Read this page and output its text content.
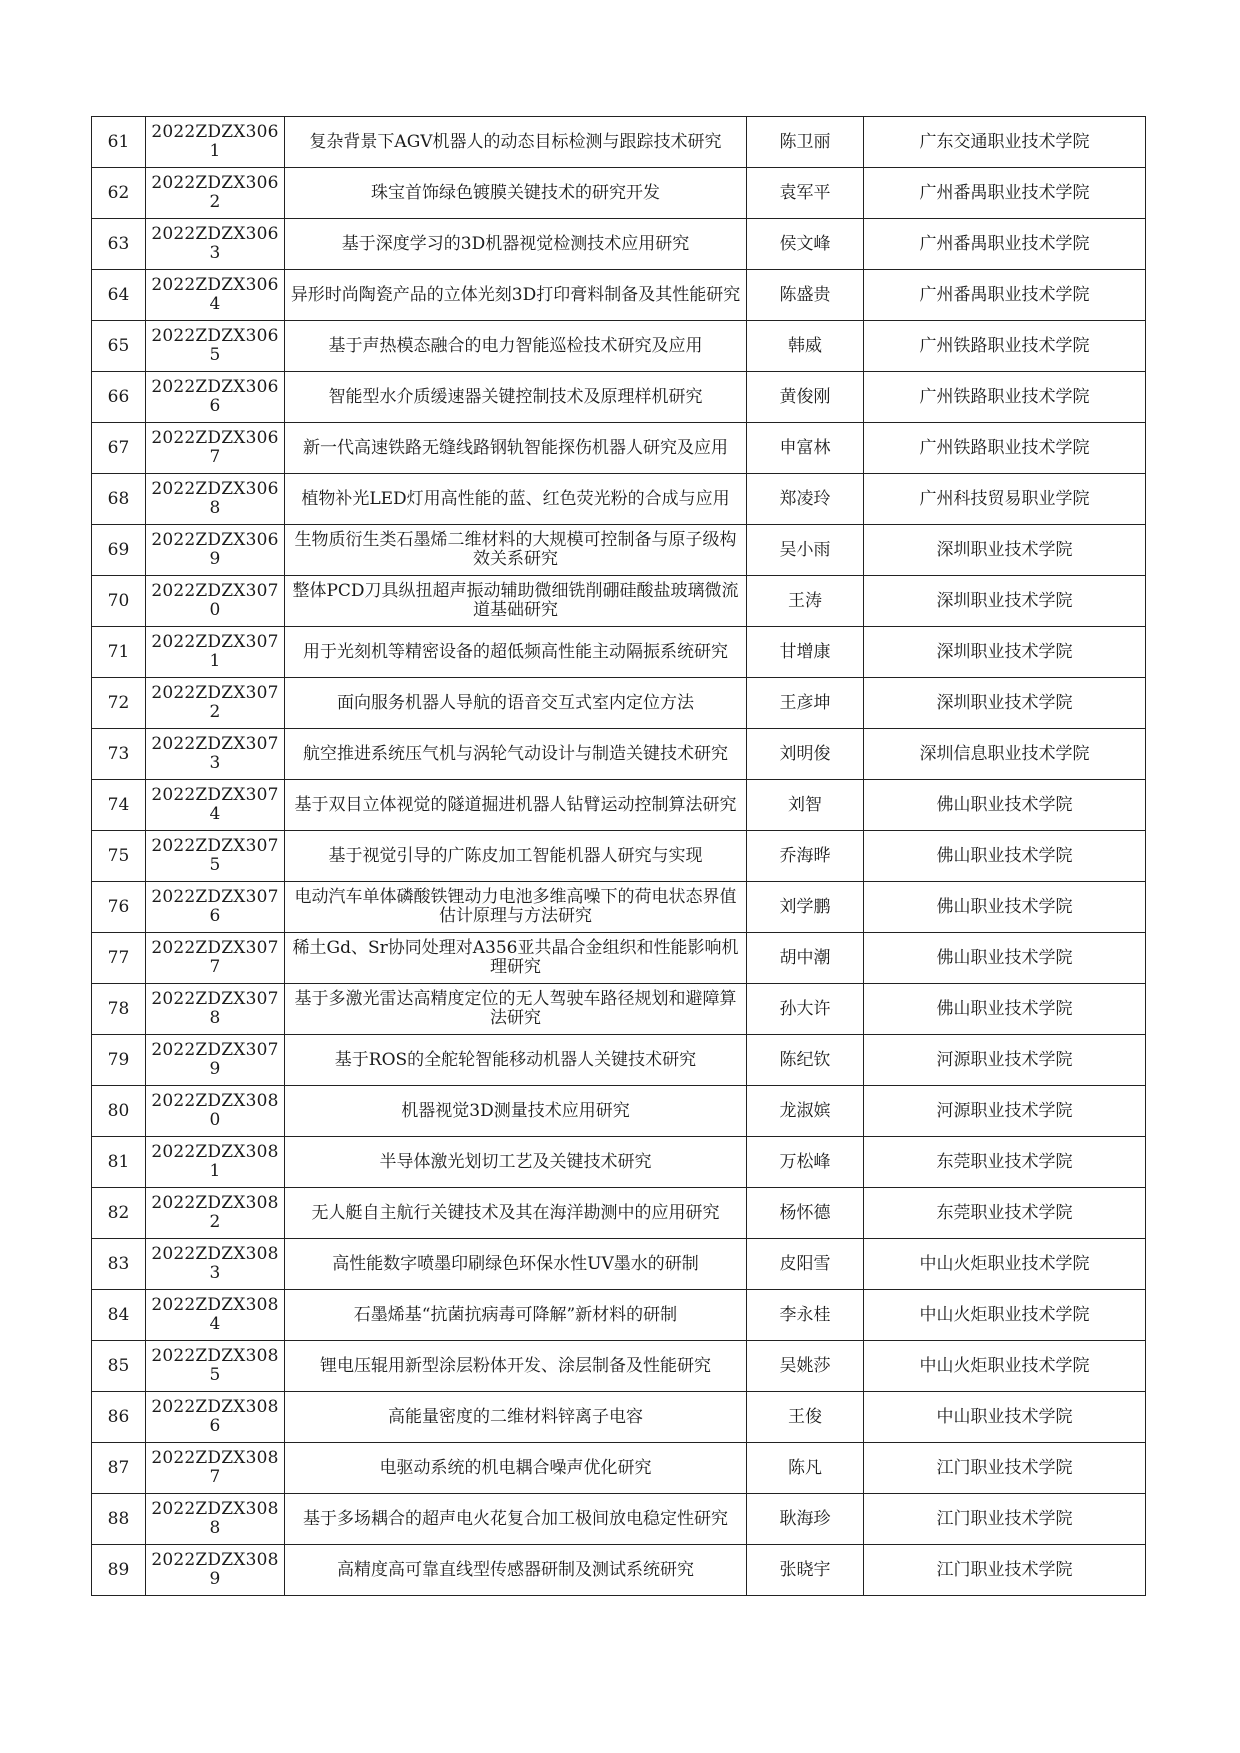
61	2022ZDZX3061	复杂背景下AGV机器人的动态目标检测与跟踪技术研究	陈卫丽	广东交通职业技术学院
62	2022ZDZX3062	珠宝首饰绿色镀膜关键技术的研究开发	袁军平	广州番禺职业技术学院
63	2022ZDZX3063	基于深度学习的3D机器视觉检测技术应用研究	侯文峰	广州番禺职业技术学院
64	2022ZDZX3064	异形时尚陶瓷产品的立体光刻3D打印膏料制备及其性能研究	陈盛贵	广州番禺职业技术学院
65	2022ZDZX3065	基于声热模态融合的电力智能巡检技术研究及应用	韩威	广州铁路职业技术学院
66	2022ZDZX3066	智能型水介质缓速器关键控制技术及原理样机研究	黄俊刚	广州铁路职业技术学院
67	2022ZDZX3067	新一代高速铁路无缝线路钢轨智能探伤机器人研究及应用	申富林	广州铁路职业技术学院
68	2022ZDZX3068	植物补光LED灯用高性能的蓝、红色荧光粉的合成与应用	郑凌玲	广州科技贸易职业学院
69	2022ZDZX3069	生物质衍生类石墨烯二维材料的大规模可控制备与原子级构效关系研究	吴小雨	深圳职业技术学院
70	2022ZDZX3070	整体PCD刀具纵扭超声振动辅助微细铣削硼硅酸盐玻璃微流道基础研究	王涛	深圳职业技术学院
71	2022ZDZX3071	用于光刻机等精密设备的超低频高性能主动隔振系统研究	甘增康	深圳职业技术学院
72	2022ZDZX3072	面向服务机器人导航的语音交互式室内定位方法	王彦坤	深圳职业技术学院
73	2022ZDZX3073	航空推进系统压气机与涡轮气动设计与制造关键技术研究	刘明俊	深圳信息职业技术学院
74	2022ZDZX3074	基于双目立体视觉的隧道掘进机器人钻臂运动控制算法研究	刘智	佛山职业技术学院
75	2022ZDZX3075	基于视觉引导的广陈皮加工智能机器人研究与实现	乔海晔	佛山职业技术学院
76	2022ZDZX3076	电动汽车单体磷酸铁锂动力电池多维高噪下的荷电状态界值估计原理与方法研究	刘学鹏	佛山职业技术学院
77	2022ZDZX3077	稀土Gd、Sr协同处理对A356亚共晶合金组织和性能影响机理研究	胡中潮	佛山职业技术学院
78	2022ZDZX3078	基于多激光雷达高精度定位的无人驾驶车路径规划和避障算法研究	孙大许	佛山职业技术学院
79	2022ZDZX3079	基于ROS的全舵轮智能移动机器人关键技术研究	陈纪钦	河源职业技术学院
80	2022ZDZX3080	机器视觉3D测量技术应用研究	龙淑嫔	河源职业技术学院
81	2022ZDZX3081	半导体激光划切工艺及关键技术研究	万松峰	东莞职业技术学院
82	2022ZDZX3082	无人艇自主航行关键技术及其在海洋勘测中的应用研究	杨怀德	东莞职业技术学院
83	2022ZDZX3083	高性能数字喷墨印刷绿色环保水性UV墨水的研制	皮阳雪	中山火炬职业技术学院
84	2022ZDZX3084	石墨烯基“抗菌抗病毒可降解”新材料的研制	李永桂	中山火炬职业技术学院
85	2022ZDZX3085	锂电压辊用新型涂层粉体开发、涂层制备及性能研究	吴姚莎	中山火炬职业技术学院
86	2022ZDZX3086	高能量密度的二维材料锌离子电容	王俊	中山职业技术学院
87	2022ZDZX3087	电驱动系统的机电耦合噪声优化研究	陈凡	江门职业技术学院
88	2022ZDZX3088	基于多场耦合的超声电火花复合加工极间放电稳定性研究	耿海珍	江门职业技术学院
89	2022ZDZX3089	高精度高可靠直线型传感器研制及测试系统研究	张晓宇	江门职业技术学院
